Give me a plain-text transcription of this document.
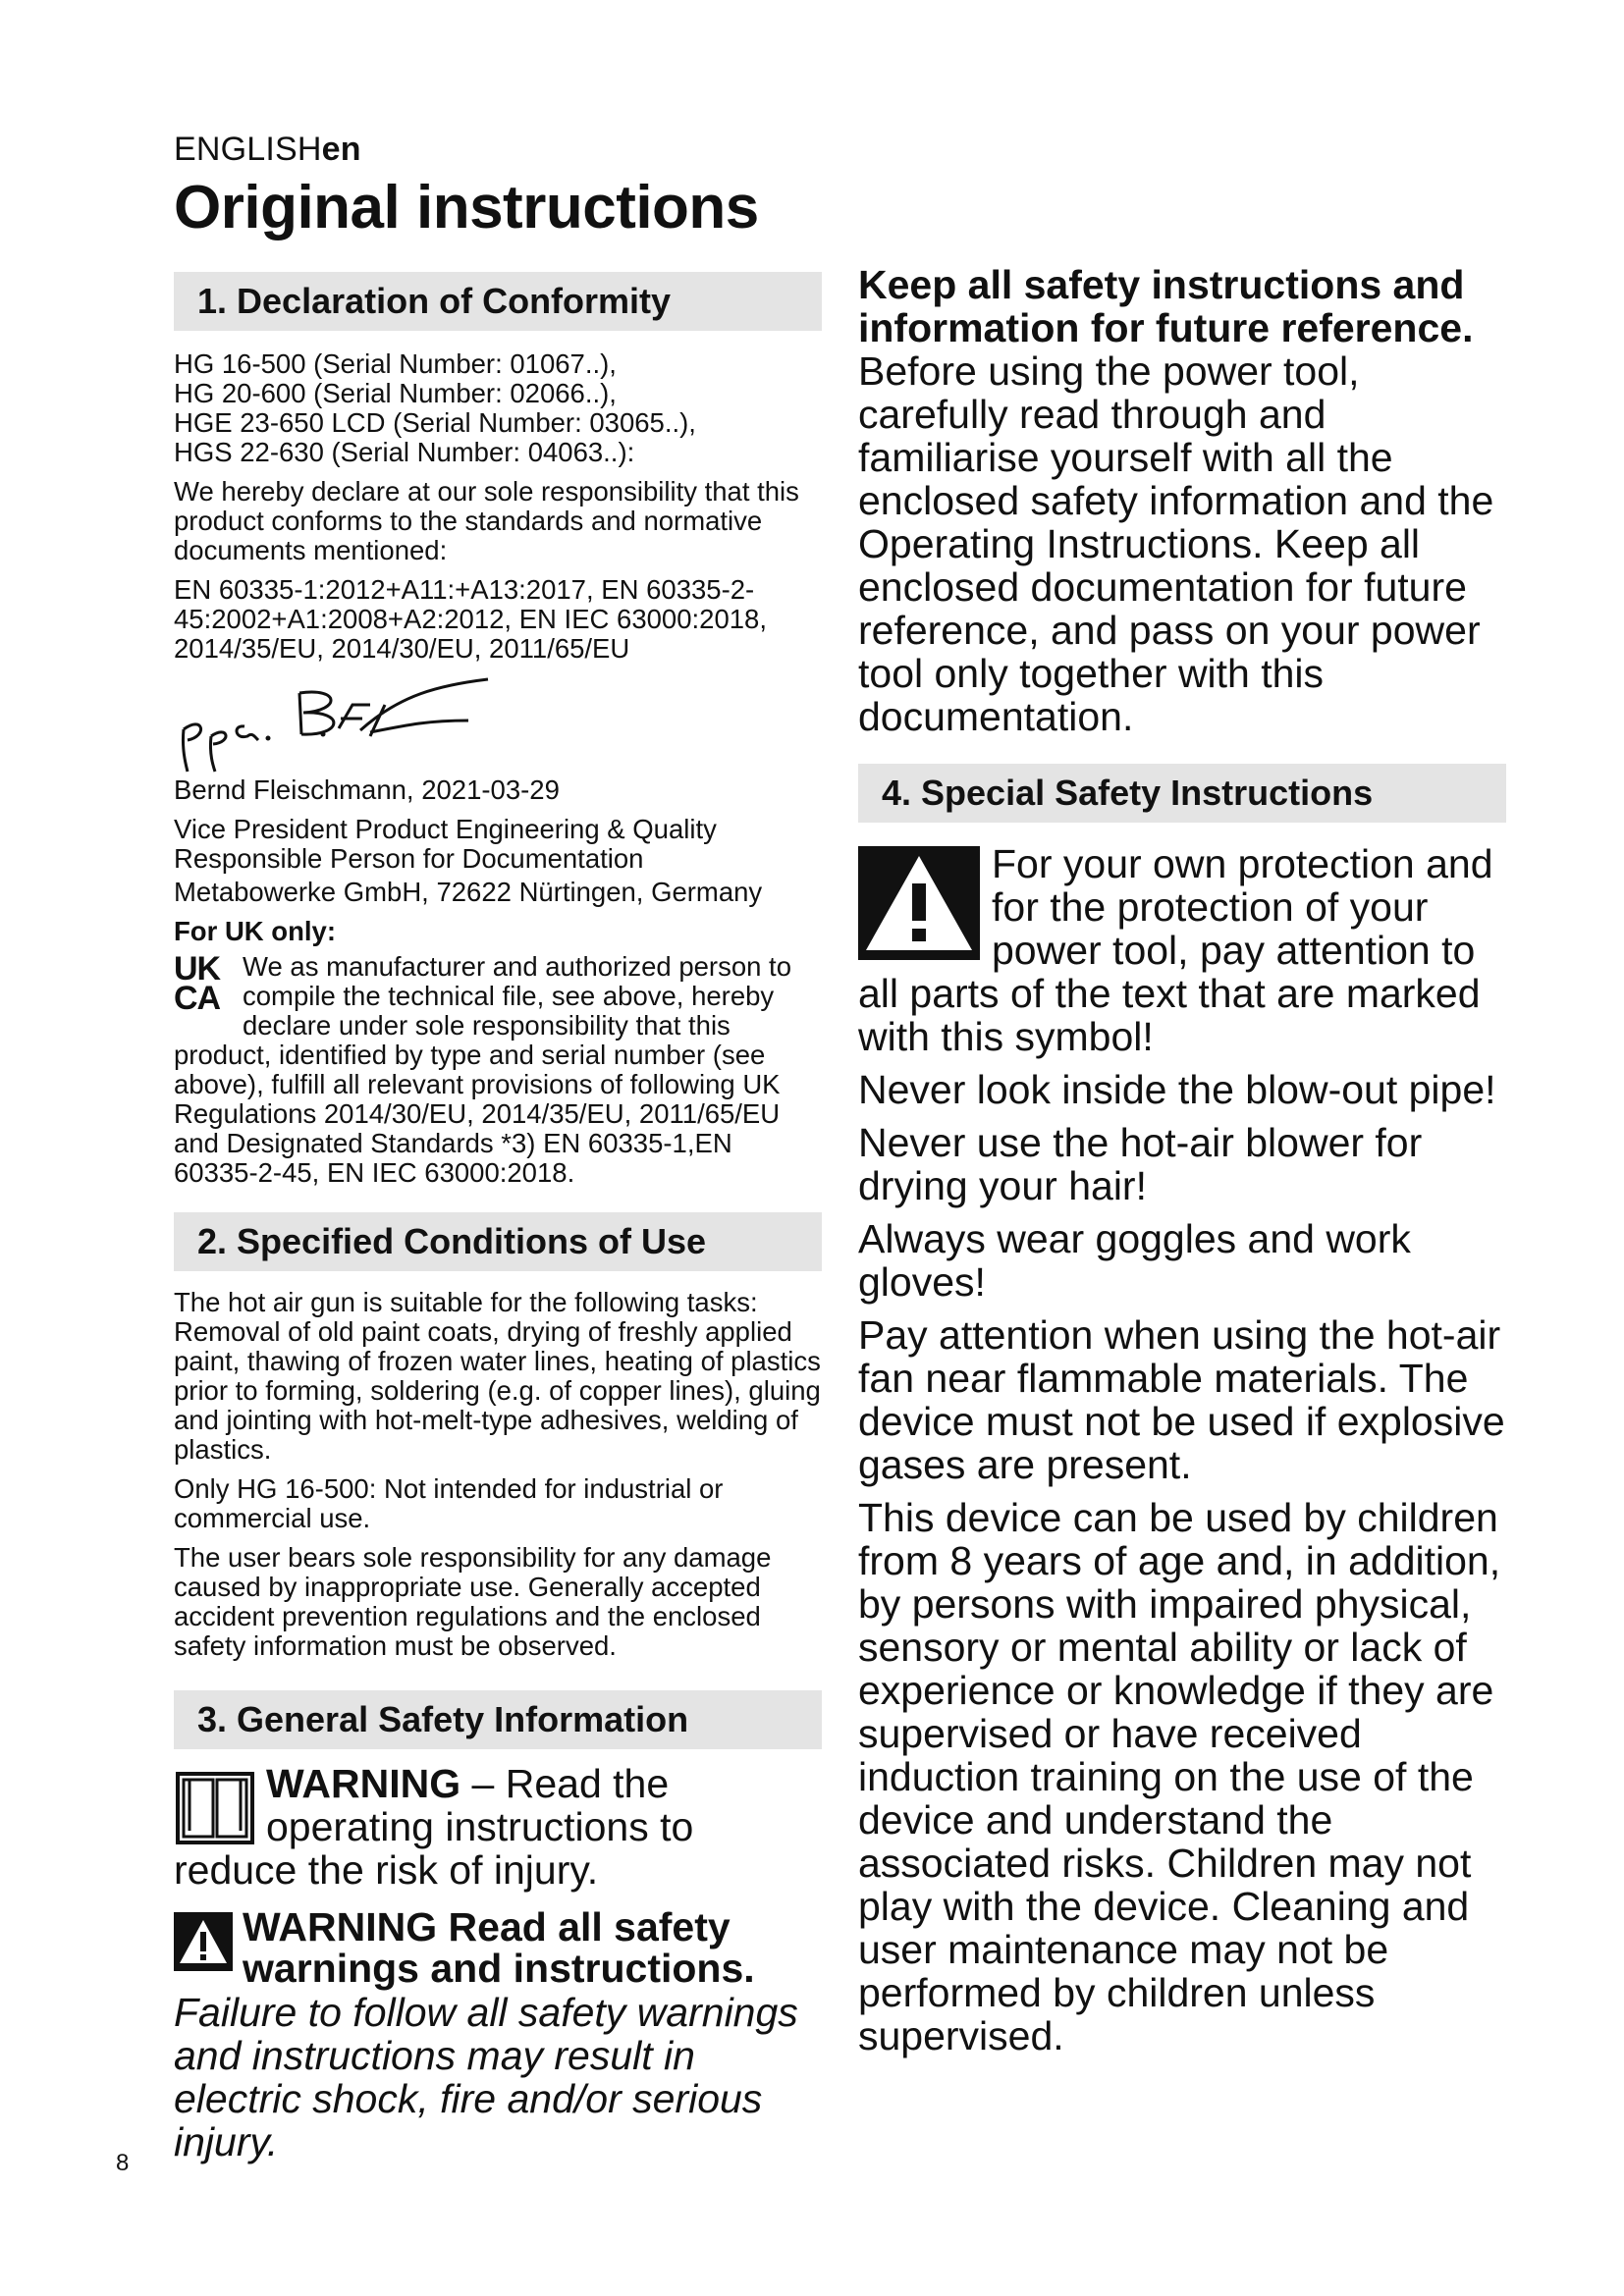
ENGLISHen
Original instructions
1. Declaration of Conformity
HG 16-500 (Serial Number: 01067..),
HG 20-600 (Serial Number: 02066..),
HGE 23-650 LCD (Serial Number: 03065..),
HGS 22-630 (Serial Number: 04063..):

We hereby declare at our sole responsibility that this product conforms to the standards and normative documents mentioned:

EN 60335-1:2012+A11:+A13:2017, EN 60335-2-45:2002+A1:2008+A2:2012, EN IEC 63000:2018, 2014/35/EU, 2014/30/EU, 2011/65/EU

Bernd Fleischmann, 2021-03-29

Vice President Product Engineering & Quality Responsible Person for Documentation

Metabowerke GmbH, 72622 Nürtingen, Germany

For UK only:
UK
CA
We as manufacturer and authorized person to compile the technical file, see above, hereby declare under sole responsibility that this product, identified by type and serial number (see above), fulfill all relevant provisions of following UK Regulations 2014/30/EU, 2014/35/EU, 2011/65/EU and Designated Standards *3) EN 60335-1,EN 60335-2-45, EN IEC 63000:2018.
2. Specified Conditions of Use

The hot air gun is suitable for the following tasks: Removal of old paint coats, drying of freshly applied paint, thawing of frozen water lines, heating of plastics prior to forming, soldering (e.g. of copper lines), gluing and jointing with hot-melt-type adhesives, welding of plastics.

Only HG 16-500: Not intended for industrial or commercial use.

The user bears sole responsibility for any damage caused by inappropriate use. Generally accepted accident prevention regulations and the enclosed safety information must be observed.

3. General Safety Information
WARNING – Read the operating instructions to reduce the risk of injury.
WARNING Read all safety warnings and instructions.
Failure to follow all safety warnings and instructions may result in electric shock, fire and/or serious injury.
Keep all safety instructions and information for future reference.
Before using the power tool, carefully read through and familiarise yourself with all the enclosed safety information and the Operating Instructions. Keep all enclosed documentation for future reference, and pass on your power tool only together with this documentation.
4. Special Safety Instructions
For your own protection and for the protection of your power tool, pay attention to all parts of the text that are marked with this symbol!

Never look inside the blow-out pipe!

Never use the hot-air blower for drying your hair!

Always wear goggles and work gloves!

Pay attention when using the hot-air fan near flammable materials. The device must not be used if explosive gases are present.

This device can be used by children from 8 years of age and, in addition, by persons with impaired physical, sensory or mental ability or lack of experience or knowledge if they are supervised or have received induction training on the use of the device and understand the associated risks. Children may not play with the device. Cleaning and user maintenance may not be performed by children unless supervised.

8
